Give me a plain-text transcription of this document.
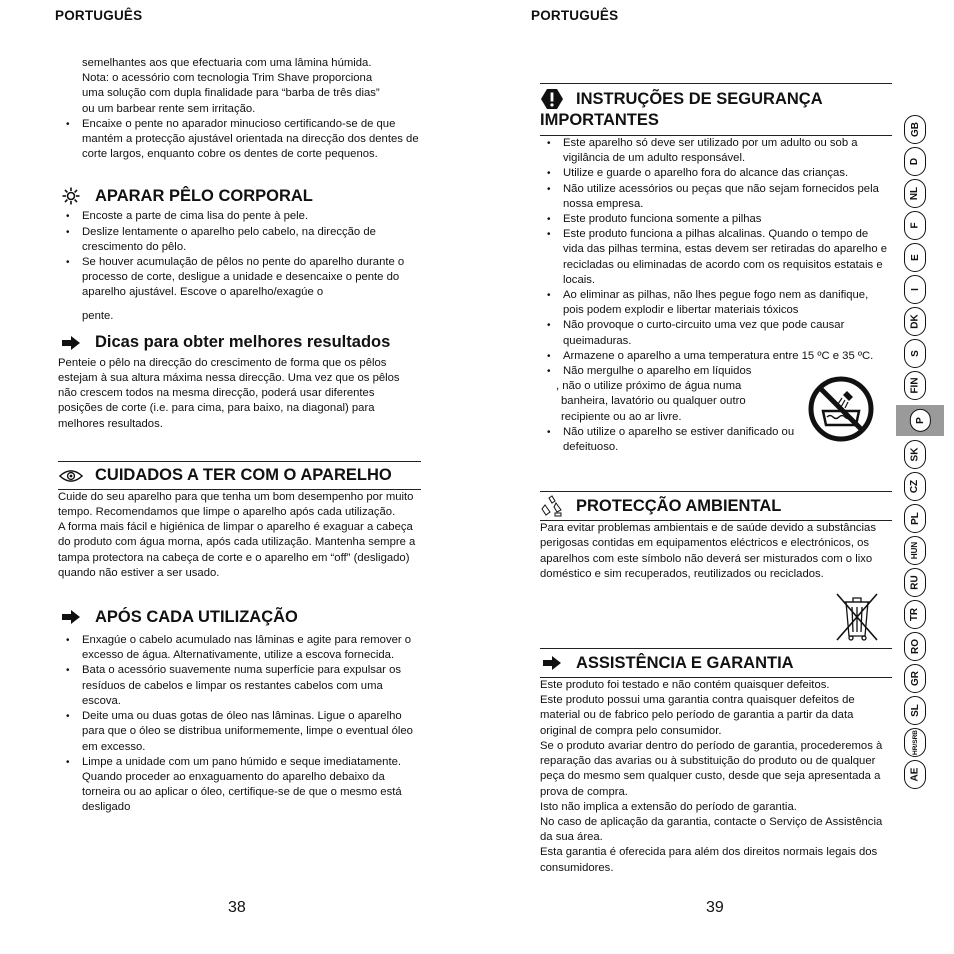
PORTUGUÊS

semelhantes aos que efectuaria com uma lâmina húmida.

Nota: o acessório com tecnologia Trim Shave proporciona

uma solução com dupla finalidade para “barba de três dias”

ou um barbear rente sem irritação.

• Encaixe o pente no aparador minucioso certificando-se de que mantém a protecção ajustável orientada na direcção dos dentes de corte largos, enquanto cobre os dentes de corte pequenos.
APARAR PÊLO CORPORAL
• Encoste a parte de cima lisa do pente à pele.
• Deslize lentamente o aparelho pelo cabelo, na direcção de crescimento do pêlo.
• Se houver acumulação de pêlos no pente do aparelho durante o processo de corte, desligue a unidade e desencaixe o pente do aparelho ajustável. Escove o aparelho/exagúe o

pente.

Dicas para obter melhores resultados

Penteie o pêlo na direcção do crescimento de forma que os pêlos estejam à sua altura máxima nessa direcção. Uma vez que os pêlos não crescem todos na mesma direcção, poderá usar diferentes posições de corte (i.e. para cima, para baixo, na diagonal) para melhores resultados.

CUIDADOS A TER COM O APARELHO

Cuide do seu aparelho para que tenha um bom desempenho por muito tempo. Recomendamos que limpe o aparelho após cada utilização.

A forma mais fácil e higiénica de limpar o aparelho é exaguar a cabeça do produto com água morna, após cada utilização. Mantenha sempre a tampa protectora na cabeça de corte e o aparelho em “off” (desligado) quando não estiver a ser usado.

APÓS CADA UTILIZAÇÃO
• Enxagúe o cabelo acumulado nas lâminas e agite para remover o excesso de água. Alternativamente, utilize a escova fornecida.
• Bata o acessório suavemente numa superfície para expulsar os resíduos de cabelos e limpar os restantes cabelos com uma escova.
• Deite uma ou duas gotas de óleo nas lâminas. Ligue o aparelho para que o óleo se distribua uniformemente, limpe o eventual óleo em excesso.
• Limpe a unidade com um pano húmido e seque imediatamente.

Quando proceder ao enxaguamento do aparelho debaixo da torneira ou ao aplicar o óleo, certifique-se de que o mesmo está desligado

38
PORTUGUÊS
INSTRUÇÕES DE SEGURANÇA
IMPORTANTES
• Este aparelho só deve ser utilizado por um adulto ou sob a vigilância de um adulto responsável.
• Utilize e guarde o aparelho fora do alcance das crianças.
• Não utilize acessórios ou peças que não sejam fornecidos pela nossa empresa.
• Este produto funciona somente a pilhas
• Este produto funciona a pilhas alcalinas. Quando o tempo de vida das pilhas termina, estas devem ser retiradas do aparelho e recicladas ou eliminadas de acordo com os requisitos estatais e locais.
• Ao eliminar as pilhas, não lhes pegue fogo nem as danifique, pois podem explodir e libertar materiais tóxicos
• Não provoque o curto-circuito uma vez que pode causar queimaduras.
• Armazene o aparelho a uma temperatura entre 15 ºC e 35 ºC.
• Não mergulhe o aparelho em líquidos

, não o utilize próximo de água numa

banheira, lavatório ou qualquer outro

recipiente ou ao ar livre.

• Não utilize o aparelho se estiver danificado ou defeituoso.
PROTECÇÃO AMBIENTAL

Para evitar problemas ambientais e de saúde devido a substâncias perigosas contidas em equipamentos eléctricos e electrónicos, os aparelhos com este símbolo não deverá ser misturados com o lixo doméstico e sim recuperados, reutilizados ou reciclados.

ASSISTÊNCIA E GARANTIA

Este produto foi testado e não contém quaisquer defeitos.

Este produto possui uma garantia contra quaisquer defeitos de material ou de fabrico pelo período de garantia a partir da data original de compra pelo consumidor.

Se o produto avariar dentro do período de garantia, procederemos à reparação das avarias ou à substituição do produto ou de qualquer peça do mesmo sem qualquer custo, desde que seja apresentada a prova de compra.

Isto não implica a extensão do período de garantia.

No caso de aplicação da garantia, contacte o Serviço de Assistência da sua área.

Esta garantia é oferecida para além dos direitos normais legais dos consumidores.

39
GB
D
NL
F
E
I
DK
S
FIN
P
SK
CZ
PL
HUN
RU
TR
RO
GR
SL
HR/SRB
AE
